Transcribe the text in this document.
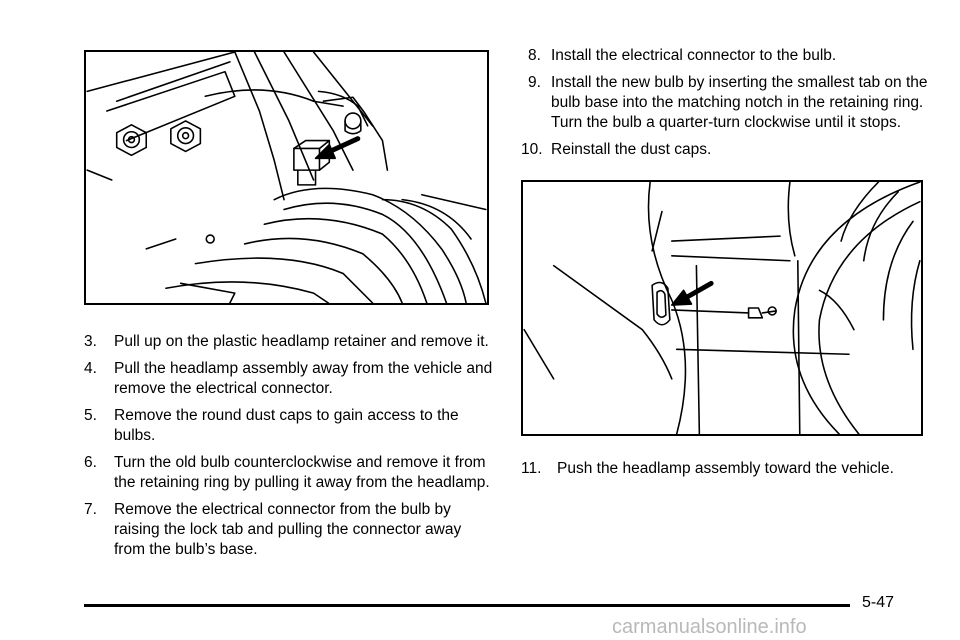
3. Pull up on the plastic headlamp retainer and remove it.
4. Pull the headlamp assembly away from the vehicle and remove the electrical connector.
5. Remove the round dust caps to gain access to the bulbs.
6. Turn the old bulb counterclockwise and remove it from the retaining ring by pulling it away from the headlamp.
7. Remove the electrical connector from the bulb by raising the lock tab and pulling the connector away from the bulb’s base.
8. Install the electrical connector to the bulb.
9. Install the new bulb by inserting the smallest tab on the bulb base into the matching notch in the retaining ring. Turn the bulb a quarter-turn clockwise until it stops.
10. Reinstall the dust caps.
11. Push the headlamp assembly toward the vehicle.
5-47
carmanualsonline.info
